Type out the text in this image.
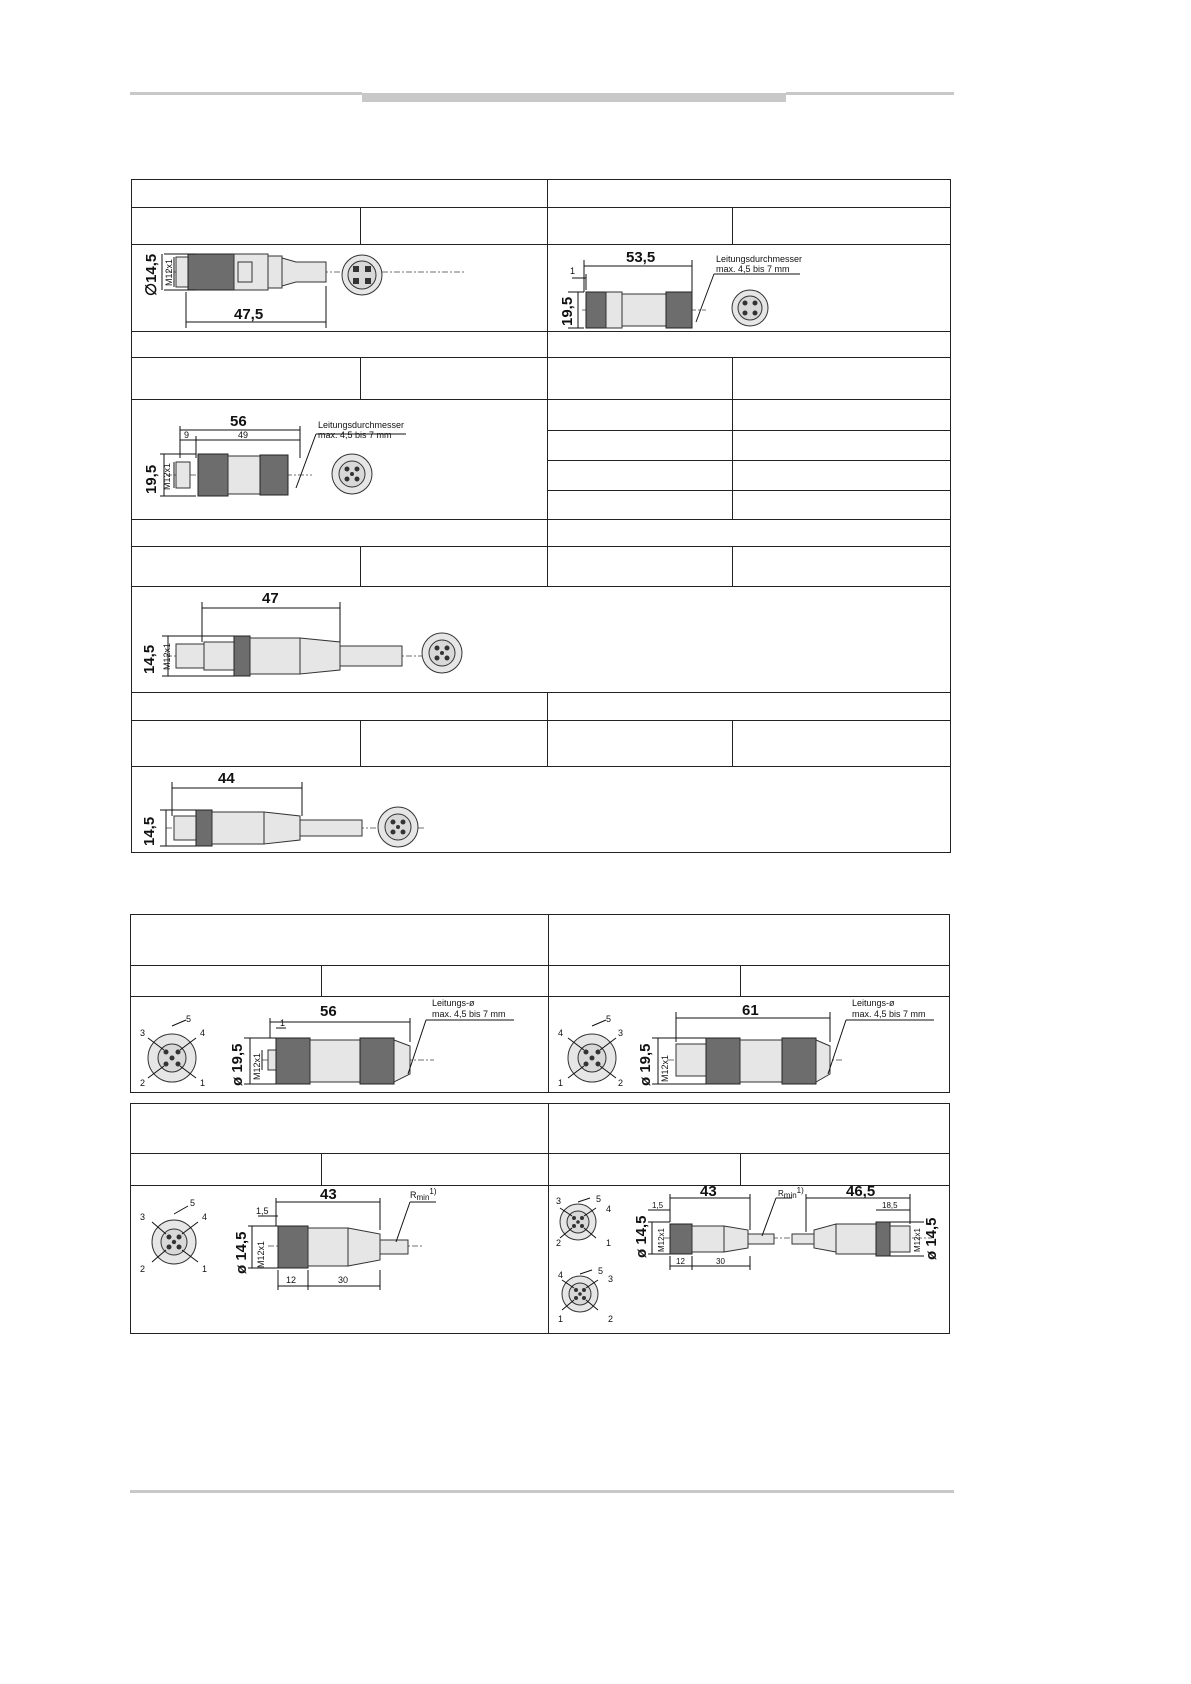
∅14,5 M12x1
47,5
53,5
1
19,5
Leitungsdurchmesser
max. 4,5 bis 7 mm
56
9	49
19,5 M12x1
Leitungsdurchmesser
max. 4,5 bis 7 mm
47
14,5 M12x1
44
14,5
3
5
4
2	1
56
1
ø 19,5 M12x1
Leitungs-ø
max. 4,5 bis 7 mm
4
5
3
1	2
61
ø 19,5 M12x1
Leitungs-ø
max. 4,5 bis 7 mm
3
5
4
2	1
43
1,5
ø 14,5 M12x1
12	30
Rmin1)
3	5
4
2	1
4	5
3
1	2
43
1,5
ø 14,5 M12x1
12	30
46,5
18,5
ø 14,5
M12x1
Rmin1)
